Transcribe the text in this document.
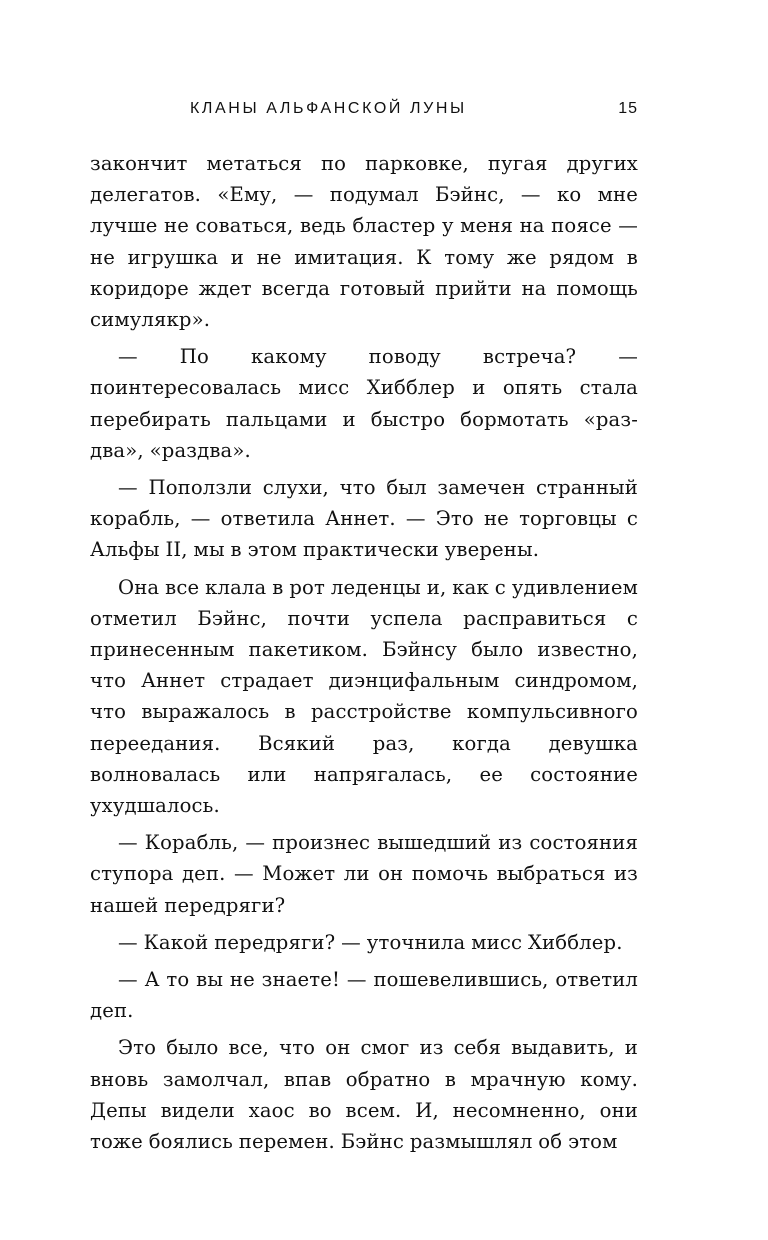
КЛАНЫ АЛЬФАНСКОЙ ЛУНЫ	15

закончит метаться по парковке, пугая других делегатов. «Ему, — подумал Бэйнс, — ко мне лучше не соваться, ведь бластер у меня на поясе — не игрушка и не имитация. К тому же рядом в коридоре ждет всегда готовый прийти на помощь симулякр».

— По какому поводу встреча? — поинтересовалась мисс Хибблер и опять стала перебирать пальцами и быстро бормотать «раз-два», «раздва».

— Поползли слухи, что был замечен странный корабль, — ответила Аннет. — Это не торговцы с Альфы II, мы в этом практически уверены.

Она все клала в рот леденцы и, как с удивлением отметил Бэйнс, почти успела расправиться с принесенным пакетиком. Бэйнсу было известно, что Аннет страдает диэнцифальным синдромом, что выражалось в расстройстве компульсивного переедания. Всякий раз, когда девушка волновалась или напрягалась, ее состояние ухудшалось.

— Корабль, — произнес вышедший из состояния ступора деп. — Может ли он помочь выбраться из нашей передряги?

— Какой передряги? — уточнила мисс Хибблер.

— А то вы не знаете! — пошевелившись, ответил деп.

Это было все, что он смог из себя выдавить, и вновь замолчал, впав обратно в мрачную кому. Депы видели хаос во всем. И, несомненно, они тоже боялись перемен. Бэйнс размышлял об этом
